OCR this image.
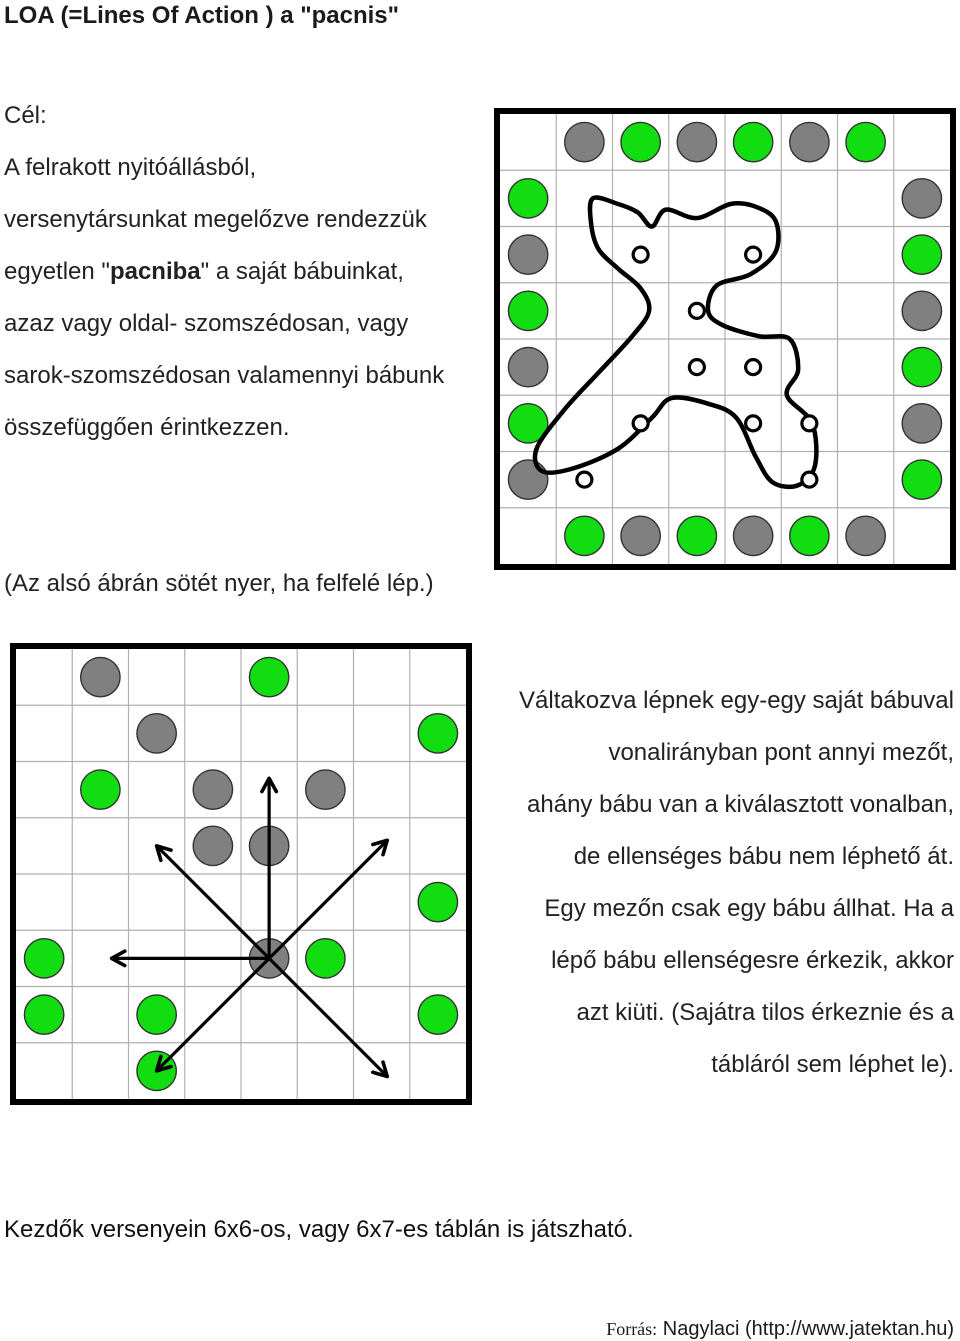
LOA (=Lines Of Action ) a "pacnis"
Cél:
A felrakott nyitóállásból,
versenytársunkat megelőzve rendezzük
egyetlen "pacniba" a saját bábuinkat,
azaz vagy oldal- szomszédosan, vagy
sarok-szomszédosan valamennyi bábunk
összefüggően érintkezzen.
(Az alsó ábrán sötét nyer, ha felfelé lép.)
Váltakozva lépnek egy-egy saját bábuval
vonalirányban pont annyi mezőt,
ahány bábu van a kiválasztott vonalban,
de ellenséges bábu nem léphető át.
Egy mezőn csak egy bábu állhat. Ha a
lépő bábu ellenségesre érkezik, akkor
azt kiüti. (Sajátra tilos érkeznie és a
tábláról sem léphet le).
Kezdők versenyein 6x6-os, vagy 6x7-es táblán is játszható.
Forrás: Nagylaci (http://www.jatektan.hu)
